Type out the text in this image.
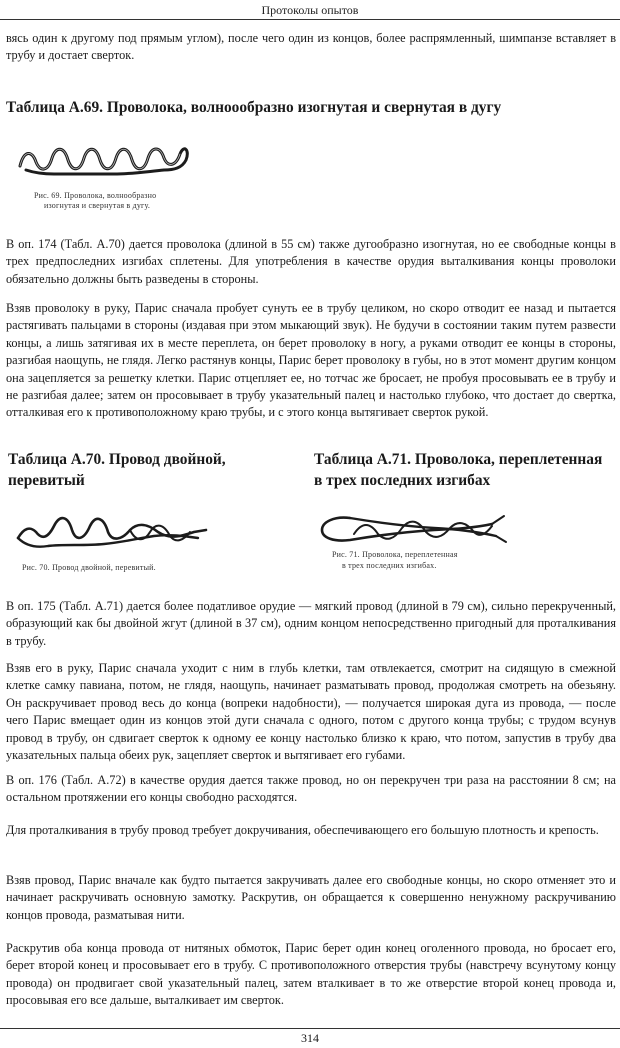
Протоколы опытов

вясь один к другому под прямым углом), после чего один из концов, более распрямленный, шимпанзе вставляет в трубу и достает сверток.

Таблица А.69. Проволока, волноообразно изогнутая и свернутая в дугу
Рис. 69. Проволока, волнообразно
изогнутая и свернутая в дугу.

В оп. 174 (Табл. А.70) дается проволока (длиной в 55 см) также дугообразно изогнутая, но ее свободные концы в трех предпоследних изгибах сплетены. Для употребления в качестве орудия выталкивания концы проволоки обязательно должны быть разведены в стороны.

Взяв проволоку в руку, Парис сначала пробует сунуть ее в трубу целиком, но скоро отводит ее назад и пытается растягивать пальцами в стороны (издавая при этом мыкающий звук). Не будучи в состоянии таким путем развести концы, а лишь затягивая их в месте переплета, он берет проволоку в ногу, а руками отводит ее концы в стороны, разгибая наощупь, не глядя. Легко растянув концы, Парис берет проволоку в губы, но в этот момент другим концом она зацепляется за решетку клетки. Парис отцепляет ее, но тотчас же бросает, не пробуя просовывать ее в трубу и не разгибая далее; затем он просовывает в трубу указательный палец и настолько глубоко, что достает до свертка, отталкивая его к противоположному краю трубы, и с этого конца вытягивает сверток рукой.

Таблица А.70. Провод двойной,
перевитый
Таблица А.71. Проволока, переплетенная
в трех последних изгибах
Рис. 70. Провод двойной, перевитый.
Рис. 71. Проволока, переплетенная
в трех последних изгибах.

В оп. 175 (Табл. А.71) дается более податливое орудие — мягкий провод (длиной в 79 см), сильно перекрученный, образующий как бы двойной жгут (длиной в 37 см), одним концом непосредственно пригодный для проталкивания в трубу.

Взяв его в руку, Парис сначала уходит с ним в глубь клетки, там отвлекается, смотрит на сидящую в смежной клетке самку павиана, потом, не глядя, наощупь, начинает разматывать провод, продолжая смотреть на обезьяну. Он раскручивает провод весь до конца (вопреки надобности), — получается широкая дуга из провода, — после чего Парис вмещает один из концов этой дуги сначала с одного, потом с другого конца трубы; с трудом всунув провод в трубу, он сдвигает сверток к одному ее концу настолько близко к краю, что потом, запустив в трубу два указательных пальца обеих рук, зацепляет сверток и вытягивает его губами.

В оп. 176 (Табл. А.72) в качестве орудия дается также провод, но он перекручен три раза на расстоянии 8 см; на остальном протяжении его концы свободно расходятся.

Для проталкивания в трубу провод требует докручивания, обеспечивающего его большую плотность и крепость.

Взяв провод, Парис вначале как будто пытается закручивать далее его свободные концы, но скоро отменяет это и начинает раскручивать основную замотку. Раскрутив, он обращается к совершенно ненужному раскручиванию концов провода, разматывая нити.

Раскрутив оба конца провода от нитяных обмоток, Парис берет один конец оголенного провода, но бросает его, берет второй конец и просовывает его в трубу. С противоположного отверстия трубы (навстречу всунутому концу провода) он продвигает свой указательный палец, затем вталкивает в то же отверстие второй конец провода и, просовывая его все дальше, выталкивает им сверток.

314
